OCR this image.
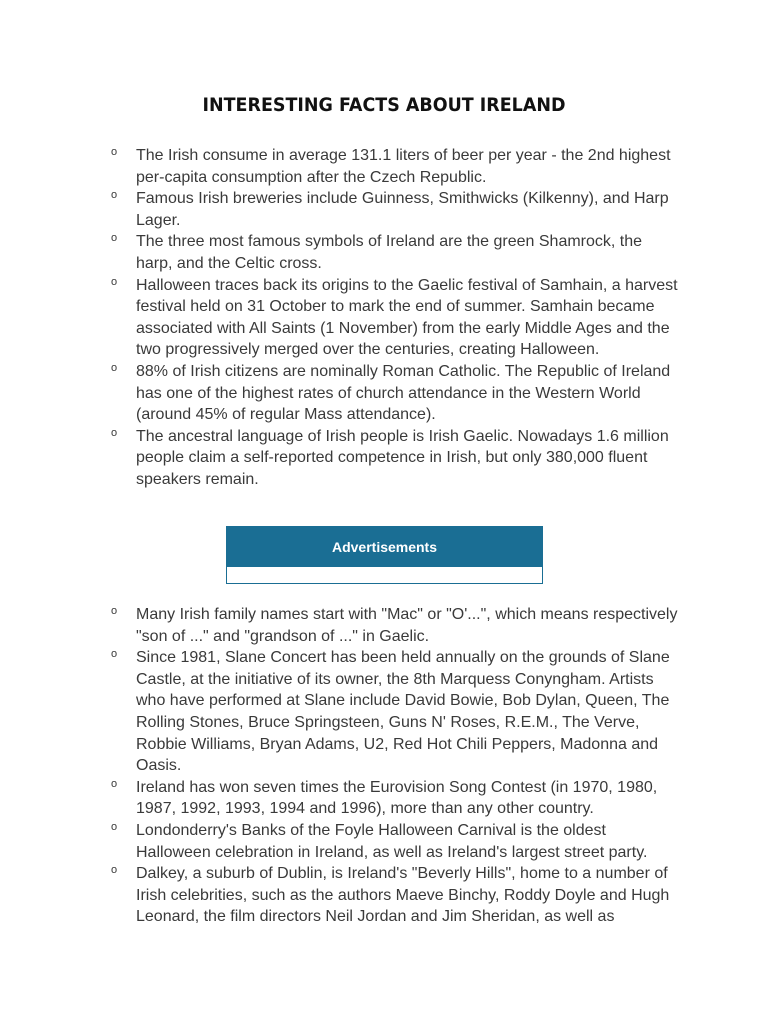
INTERESTING FACTS ABOUT IRELAND
o The Irish consume in average 131.1 liters of beer per year - the 2nd highest per-capita consumption after the Czech Republic.
o Famous Irish breweries include Guinness, Smithwicks (Kilkenny), and Harp Lager.
o The three most famous symbols of Ireland are the green Shamrock, the harp, and the Celtic cross.
o Halloween traces back its origins to the Gaelic festival of Samhain, a harvest festival held on 31 October to mark the end of summer. Samhain became associated with All Saints (1 November) from the early Middle Ages and the two progressively merged over the centuries, creating Halloween.
o 88% of Irish citizens are nominally Roman Catholic. The Republic of Ireland has one of the highest rates of church attendance in the Western World (around 45% of regular Mass attendance).
o The ancestral language of Irish people is Irish Gaelic. Nowadays 1.6 million people claim a self-reported competence in Irish, but only 380,000 fluent speakers remain.
Advertisements
o Many Irish family names start with "Mac" or "O'...", which means respectively "son of ..." and "grandson of ..." in Gaelic.
o Since 1981, Slane Concert has been held annually on the grounds of Slane Castle, at the initiative of its owner, the 8th Marquess Conyngham. Artists who have performed at Slane include David Bowie, Bob Dylan, Queen, The Rolling Stones, Bruce Springsteen, Guns N' Roses, R.E.M., The Verve, Robbie Williams, Bryan Adams, U2, Red Hot Chili Peppers, Madonna and Oasis.
o Ireland has won seven times the Eurovision Song Contest (in 1970, 1980, 1987, 1992, 1993, 1994 and 1996), more than any other country.
o Londonderry's Banks of the Foyle Halloween Carnival is the oldest Halloween celebration in Ireland, as well as Ireland's largest street party.
o Dalkey, a suburb of Dublin, is Ireland's "Beverly Hills", home to a number of Irish celebrities, such as the authors Maeve Binchy, Roddy Doyle and Hugh Leonard, the film directors Neil Jordan and Jim Sheridan, as well as
